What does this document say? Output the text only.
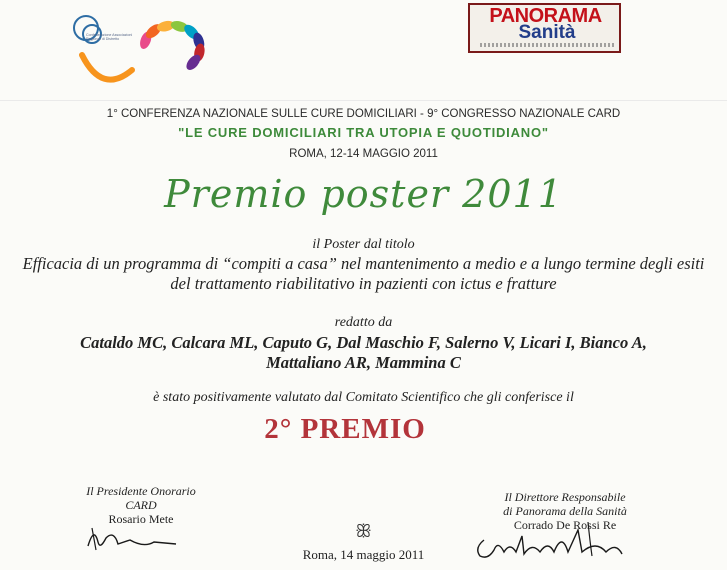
Confederazione Associazioni Regionali di Distretto
PANORAMA
Sanità
1° CONFERENZA NAZIONALE SULLE CURE DOMICILIARI - 9° CONGRESSO NAZIONALE CARD
"LE CURE DOMICILIARI TRA UTOPIA E QUOTIDIANO"
ROMA, 12-14 MAGGIO 2011
Premio poster 2011
il Poster dal titolo
Efficacia di un programma di “compiti a casa” nel mantenimento a medio e a lungo termine degli esiti
del trattamento riabilitativo in pazienti con ictus e fratture
redatto da
Cataldo MC, Calcara ML, Caputo G, Dal Maschio F, Salerno V, Licari I, Bianco A,
Mattaliano AR, Mammina C
è stato positivamente valutato dal Comitato Scientifico che gli conferisce il
2° PREMIO
Il Presidente Onorario
CARD
Rosario Mete
Il Direttore Responsabile
di Panorama della Sanità
Corrado De Rossi Re
ꕥ
Roma, 14 maggio 2011
